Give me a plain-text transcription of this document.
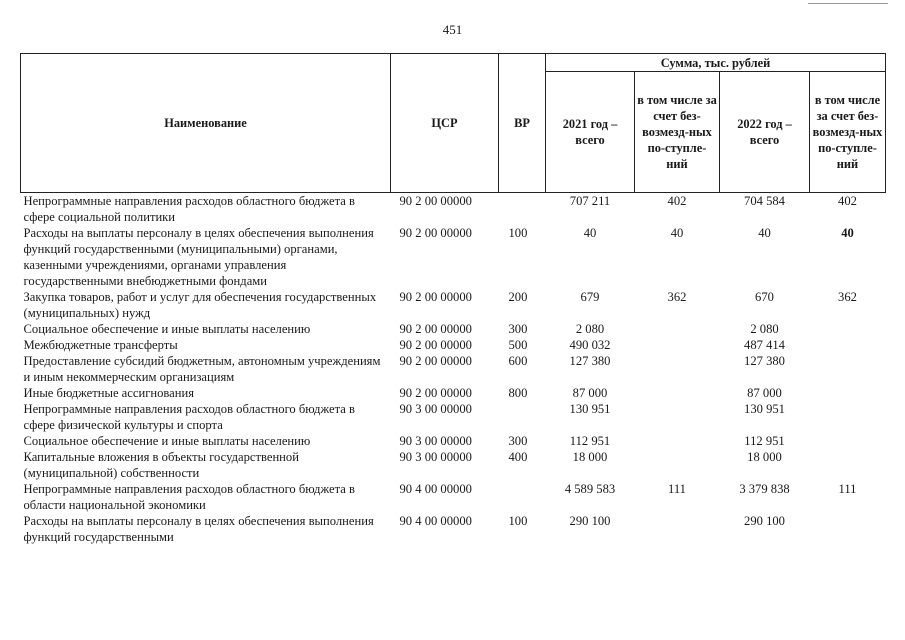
451
Наименование	ЦСР	ВР	Сумма, тыс. рублей			
			2021 год – всего	в том числе за счет без-возмезд-ных по-ступле-ний	2022 год – всего	в том числе за счет без-возмезд-ных по-ступле-ний
Непрограммные направления расходов областного бюджета в сфере социальной политики	90 2 00 00000		707 211	402	704 584	402
Расходы на выплаты персоналу в целях обеспечения выполнения функций государственными (муниципальными) органами, казенными учреждениями, органами управления государственными внебюджетными фондами	90 2 00 00000	100	40	40	40	40
Закупка товаров, работ и услуг для обеспечения государственных (муниципальных) нужд	90 2 00 00000	200	679	362	670	362
Социальное обеспечение и иные выплаты населению	90 2 00 00000	300	2 080		2 080	
Межбюджетные трансферты	90 2 00 00000	500	490 032		487 414	
Предоставление субсидий бюджетным, автономным учреждениям и иным некоммерческим организациям	90 2 00 00000	600	127 380		127 380	
Иные бюджетные ассигнования	90 2 00 00000	800	87 000		87 000	
Непрограммные направления расходов областного бюджета в сфере физической культуры и спорта	90 3 00 00000		130 951		130 951	
Социальное обеспечение и иные выплаты населению	90 3 00 00000	300	112 951		112 951	
Капитальные вложения в объекты государственной (муниципальной) собственности	90 3 00 00000	400	18 000		18 000	
Непрограммные направления расходов областного бюджета в области национальной экономики	90 4 00 00000		4 589 583	111	3 379 838	111
Расходы на выплаты персоналу в целях обеспечения выполнения функций государственными	90 4 00 00000	100	290 100		290 100	
